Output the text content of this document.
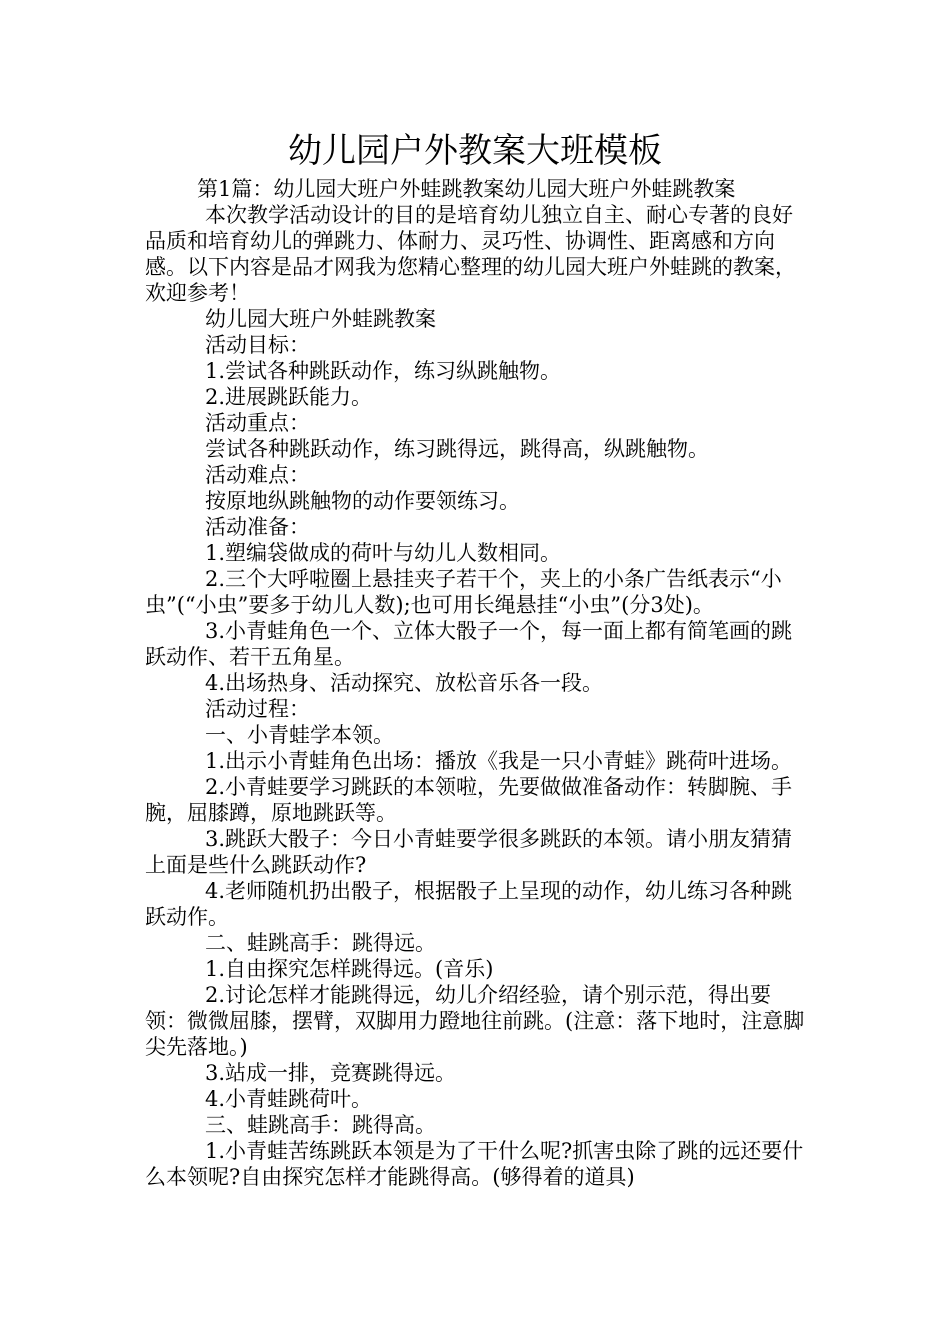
幼儿园户外教案大班模板

第1篇：幼儿园大班户外蛙跳教案幼儿园大班户外蛙跳教案

本次教学活动设计的目的是培育幼儿独立自主、耐心专著的良好品质和培育幼儿的弹跳力、体耐力、灵巧性、协调性、距离感和方向感。以下内容是品才网我为您精心整理的幼儿园大班户外蛙跳的教案，欢迎参考！

幼儿园大班户外蛙跳教案

活动目标：

1.尝试各种跳跃动作，练习纵跳触物。

2.进展跳跃能力。

活动重点：

尝试各种跳跃动作，练习跳得远，跳得高，纵跳触物。

活动难点：

按原地纵跳触物的动作要领练习。

活动准备：

1.塑编袋做成的荷叶与幼儿人数相同。

2.三个大呼啦圈上悬挂夹子若干个，夹上的小条广告纸表示“小虫”(“小虫”要多于幼儿人数);也可用长绳悬挂“小虫”(分3处)。

3.小青蛙角色一个、立体大骰子一个，每一面上都有简笔画的跳跃动作、若干五角星。

4.出场热身、活动探究、放松音乐各一段。

活动过程：

一、小青蛙学本领。

1.出示小青蛙角色出场：播放《我是一只小青蛙》跳荷叶进场。

2.小青蛙要学习跳跃的本领啦，先要做做准备动作：转脚腕、手腕，屈膝蹲，原地跳跃等。

3.跳跃大骰子：今日小青蛙要学很多跳跃的本领。请小朋友猜猜上面是些什么跳跃动作?

4.老师随机扔出骰子，根据骰子上呈现的动作，幼儿练习各种跳跃动作。

二、蛙跳高手：跳得远。

1.自由探究怎样跳得远。(音乐)

2.讨论怎样才能跳得远，幼儿介绍经验，请个别示范，得出要领：微微屈膝，摆臂，双脚用力蹬地往前跳。(注意：落下地时，注意脚尖先落地。)

3.站成一排，竞赛跳得远。

4.小青蛙跳荷叶。

三、蛙跳高手：跳得高。

1.小青蛙苦练跳跃本领是为了干什么呢?抓害虫除了跳的远还要什么本领呢?自由探究怎样才能跳得高。(够得着的道具)
